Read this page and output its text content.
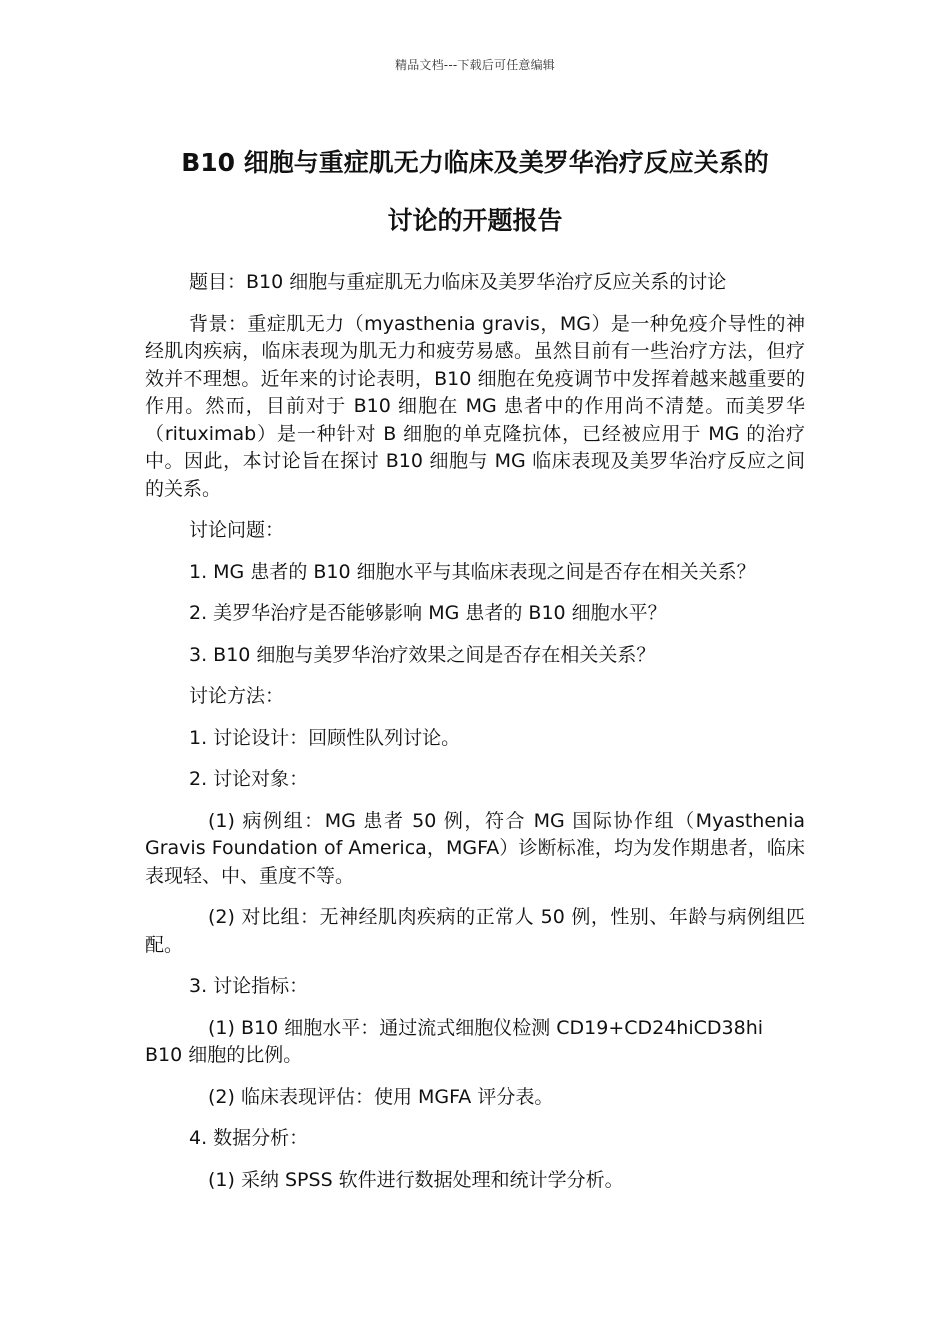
精品文档---下载后可任意编辑
B10 细胞与重症肌无力临床及美罗华治疗反应关系的
讨论的开题报告

题目：B10 细胞与重症肌无力临床及美罗华治疗反应关系的讨论

背景：重症肌无力（myasthenia gravis，MG）是一种免疫介导性的神经肌肉疾病，临床表现为肌无力和疲劳易感。虽然目前有一些治疗方法，但疗效并不理想。近年来的讨论表明，B10 细胞在免疫调节中发挥着越来越重要的作用。然而，目前对于 B10 细胞在 MG 患者中的作用尚不清楚。而美罗华（rituximab）是一种针对 B 细胞的单克隆抗体，已经被应用于 MG 的治疗中。因此，本讨论旨在探讨 B10 细胞与 MG 临床表现及美罗华治疗反应之间的关系。

讨论问题：

1. MG 患者的 B10 细胞水平与其临床表现之间是否存在相关关系？

2. 美罗华治疗是否能够影响 MG 患者的 B10 细胞水平？

3. B10 细胞与美罗华治疗效果之间是否存在相关关系？

讨论方法：

1. 讨论设计：回顾性队列讨论。

2. 讨论对象：

(1) 病例组：MG 患者 50 例，符合 MG 国际协作组（Myasthenia Gravis Foundation of America，MGFA）诊断标准，均为发作期患者，临床表现轻、中、重度不等。

(2) 对比组：无神经肌肉疾病的正常人 50 例，性别、年龄与病例组匹配。

3. 讨论指标：

(1) B10 细胞水平：通过流式细胞仪检测 CD19+CD24hiCD38hi B10 细胞的比例。

(2) 临床表现评估：使用 MGFA 评分表。

4. 数据分析：

(1) 采纳 SPSS 软件进行数据处理和统计学分析。
